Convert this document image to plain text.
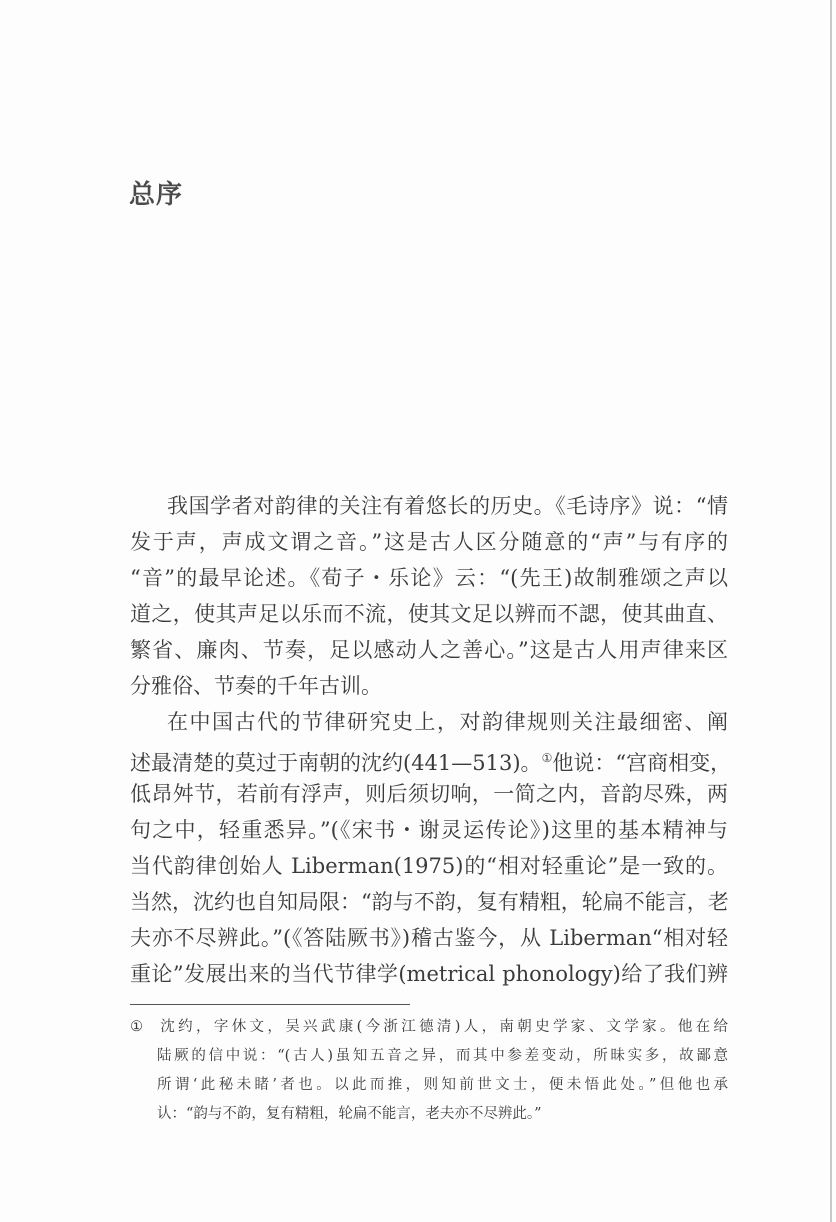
总序
我国学者对韵律的关注有着悠长的历史。《毛诗序》说：“情
发于声，声成文谓之音。”这是古人区分随意的“声”与有序的
“音”的最早论述。《荀子・乐论》云：“(先王)故制雅颂之声以
道之，使其声足以乐而不流，使其文足以辨而不諰，使其曲直、
繁省、廉肉、节奏，足以感动人之善心。”这是古人用声律来区
分雅俗、节奏的千年古训。
在中国古代的节律研究史上，对韵律规则关注最细密、阐
述最清楚的莫过于南朝的沈约(441—513)。①他说：“宫商相变，
低昂舛节，若前有浮声，则后须切响，一简之内，音韵尽殊，两
句之中，轻重悉异。”(《宋书・谢灵运传论》)这里的基本精神与
当代韵律创始人 Liberman(1975)的“相对轻重论”是一致的。
当然，沈约也自知局限：“韵与不韵，复有精粗，轮扁不能言，老
夫亦不尽辨此。”(《答陆厥书》)稽古鉴今，从 Liberman“相对轻
重论”发展出来的当代节律学(metrical phonology)给了我们辨
① 沈约，字休文，吴兴武康(今浙江德清)人，南朝史学家、文学家。他在给
陆厥的信中说：“(古人)虽知五音之异，而其中参差变动，所昧实多，故鄙意
所谓‘此秘未睹’者也。以此而推，则知前世文士，便未悟此处。”但他也承
认：“韵与不韵，复有精粗，轮扁不能言，老夫亦不尽辨此。”
